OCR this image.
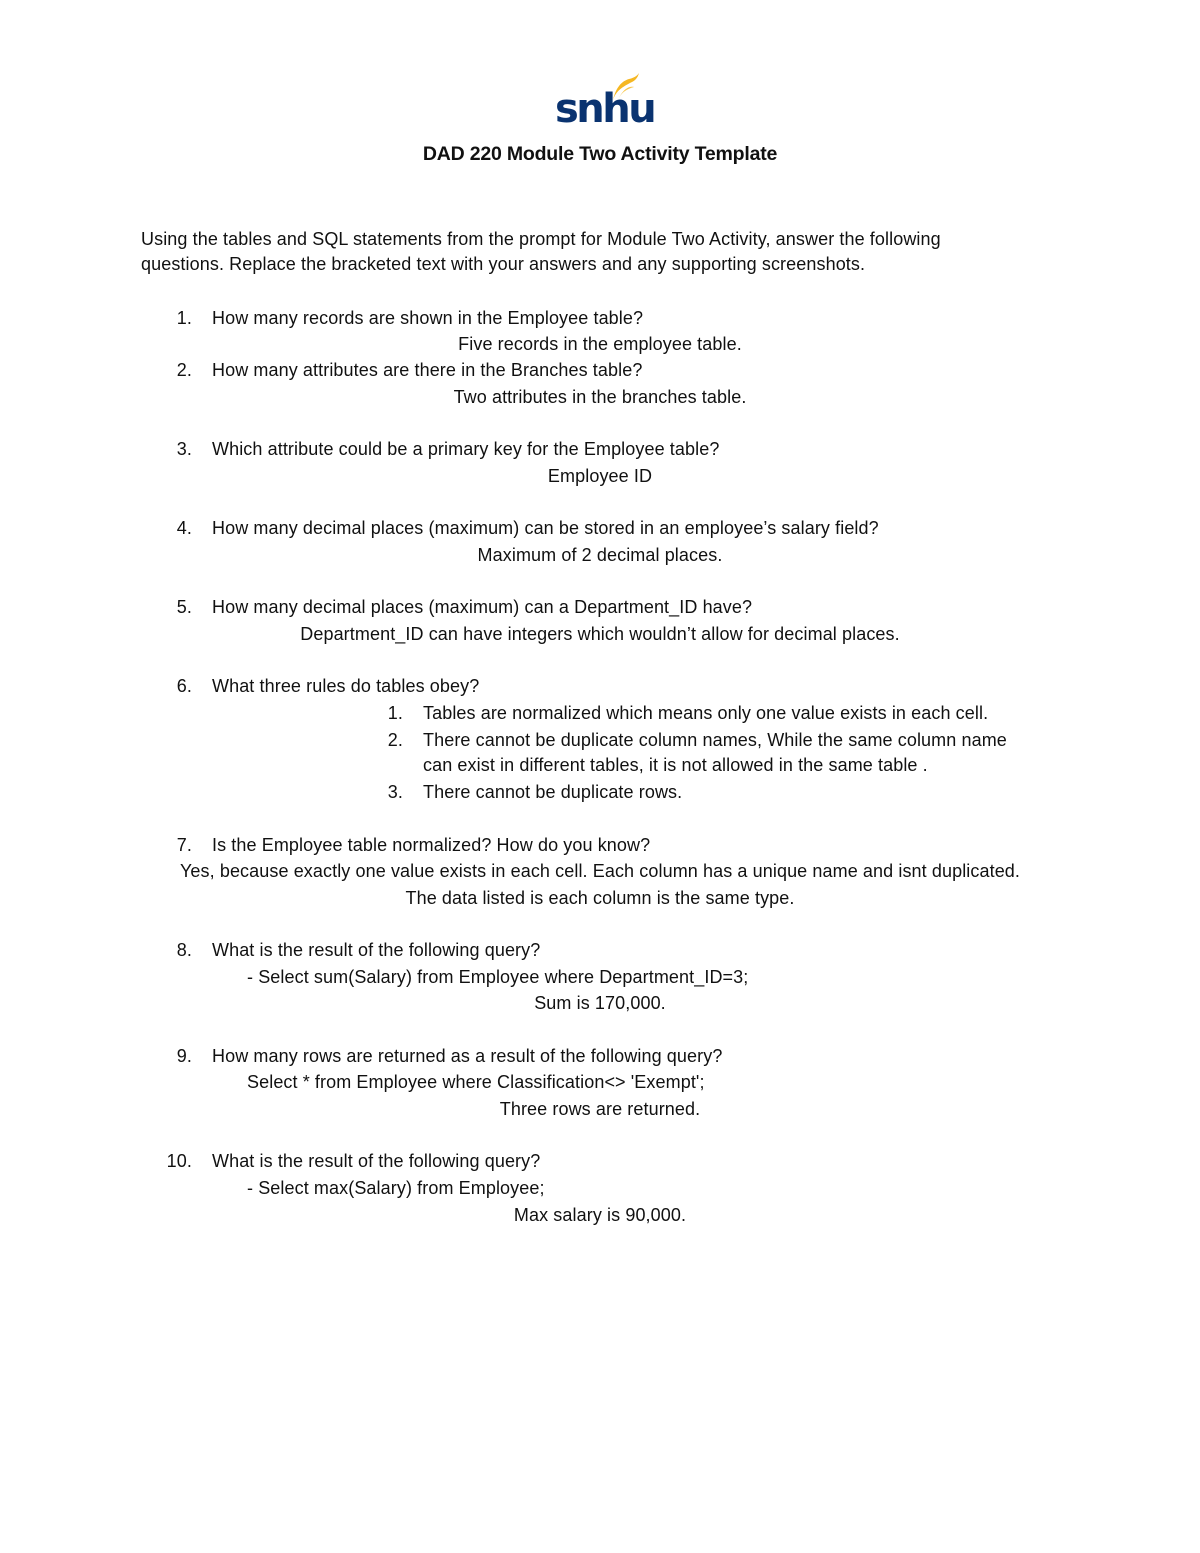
snhu
DAD 220 Module Two Activity Template
Using the tables and SQL statements from the prompt for Module Two Activity, answer the following
questions. Replace the bracketed text with your answers and any supporting screenshots.
1. How many records are shown in the Employee table?
Five records in the employee table.
2. How many attributes are there in the Branches table?
Two attributes in the branches table.
3. Which attribute could be a primary key for the Employee table?
Employee ID
4. How many decimal places (maximum) can be stored in an employee’s salary field?
Maximum of 2 decimal places.
5. How many decimal places (maximum) can a Department_ID have?
Department_ID can have integers which wouldn’t allow for decimal places.
6. What three rules do tables obey?
1. Tables are normalized which means only one value exists in each cell.
2. There cannot be duplicate column names, While the same column name
can exist in different tables, it is not allowed in the same table .
3. There cannot be duplicate rows.
7. Is the Employee table normalized? How do you know?
Yes, because exactly one value exists in each cell. Each column has a unique name and isnt duplicated.
The data listed is each column is the same type.
8. What is the result of the following query?
- Select sum(Salary) from Employee where Department_ID=3;
Sum is 170,000.
9. How many rows are returned as a result of the following query?
Select * from Employee where Classification<> 'Exempt';
Three rows are returned.
10. What is the result of the following query?
- Select max(Salary) from Employee;
Max salary is 90,000.
